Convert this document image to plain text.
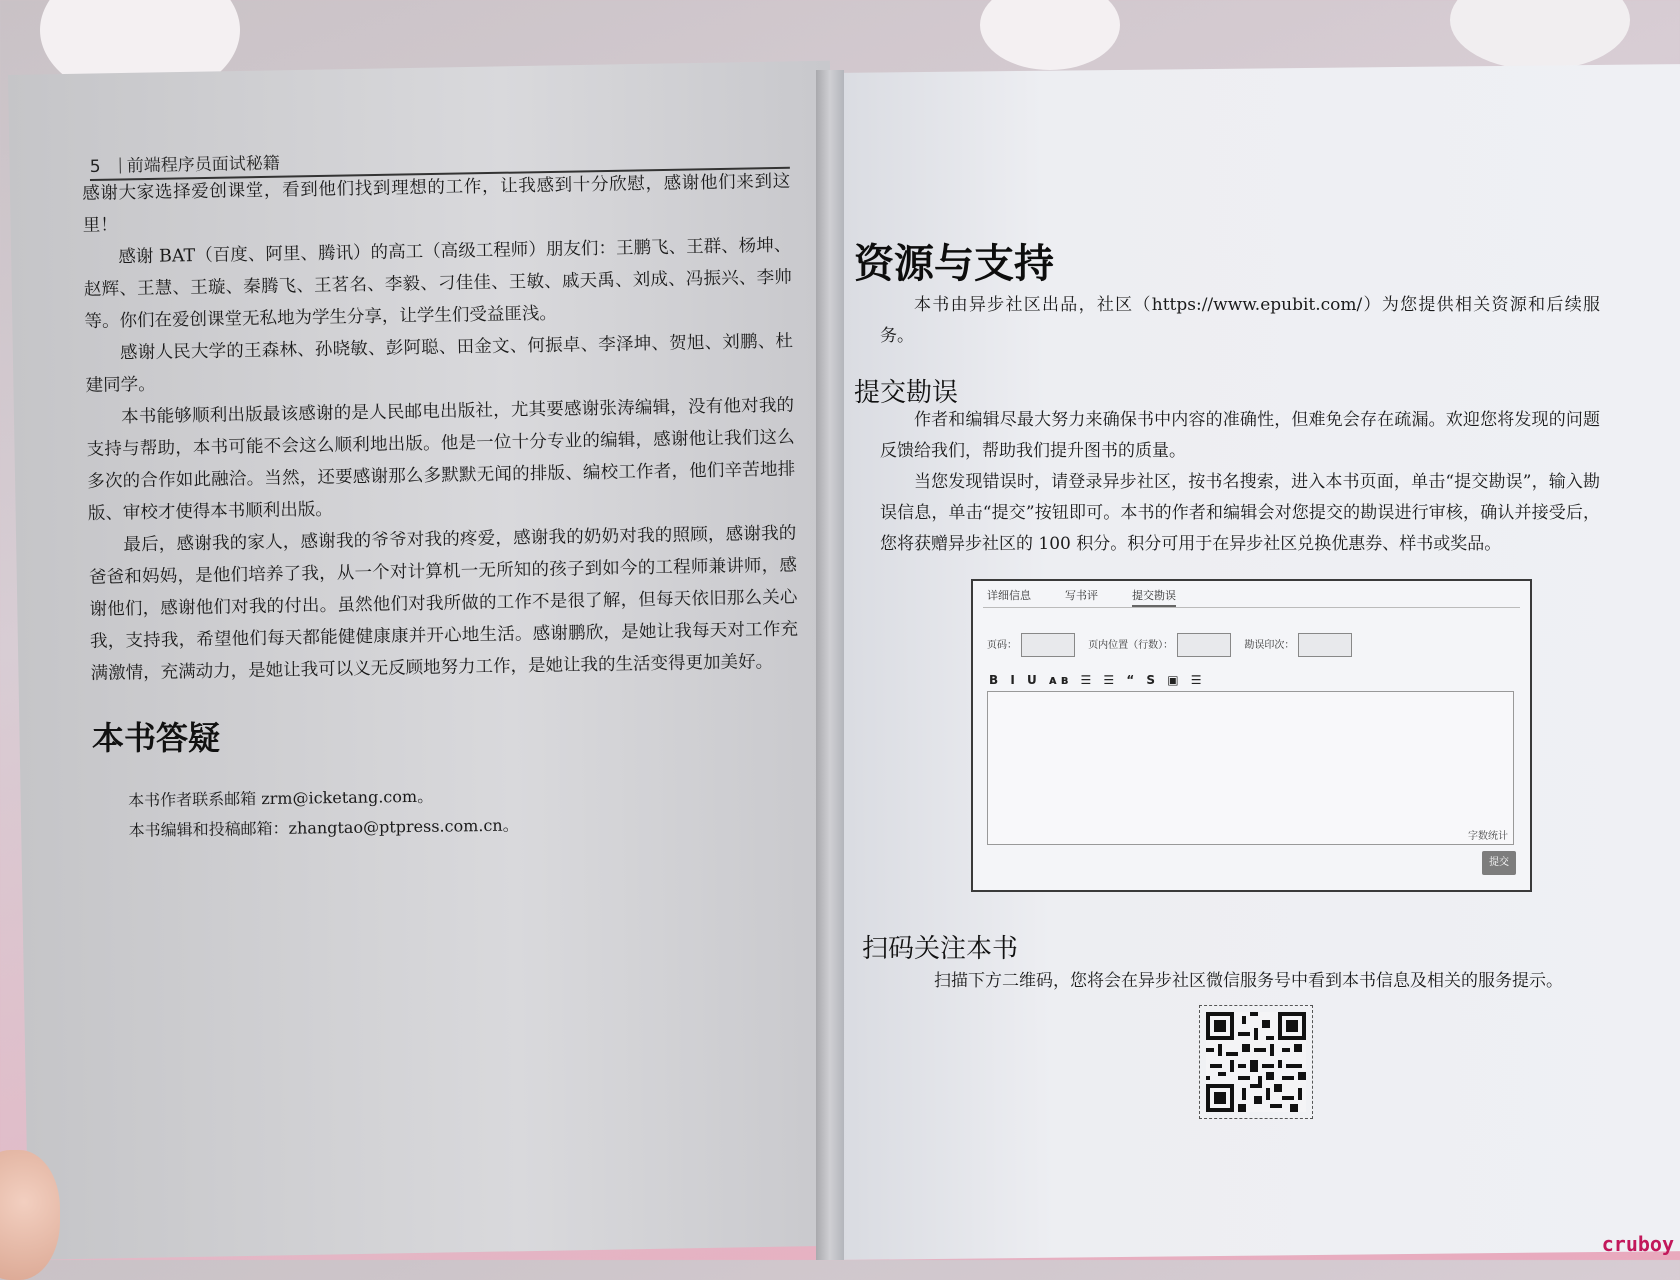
5 前端程序员面试秘籍

感谢大家选择爱创课堂，看到他们找到理想的工作，让我感到十分欣慰，感谢他们来到这里！

感谢 BAT（百度、阿里、腾讯）的高工（高级工程师）朋友们：王鹏飞、王群、杨坤、赵辉、王慧、王璇、秦腾飞、王茗名、李毅、刁佳佳、王敏、戚天禹、刘成、冯振兴、李帅等。你们在爱创课堂无私地为学生分享，让学生们受益匪浅。

感谢人民大学的王森林、孙晓敏、彭阿聪、田金文、何振卓、李泽坤、贺旭、刘鹏、杜建同学。

本书能够顺利出版最该感谢的是人民邮电出版社，尤其要感谢张涛编辑，没有他对我的支持与帮助，本书可能不会这么顺利地出版。他是一位十分专业的编辑，感谢他让我们这么多次的合作如此融洽。当然，还要感谢那么多默默无闻的排版、编校工作者，他们辛苦地排版、审校才使得本书顺利出版。

最后，感谢我的家人，感谢我的爷爷对我的疼爱，感谢我的奶奶对我的照顾，感谢我的爸爸和妈妈，是他们培养了我，从一个对计算机一无所知的孩子到如今的工程师兼讲师，感谢他们，感谢他们对我的付出。虽然他们对我所做的工作不是很了解，但每天依旧那么关心我，支持我，希望他们每天都能健健康康并开心地生活。感谢鹏欣，是她让我每天对工作充满激情，充满动力，是她让我可以义无反顾地努力工作，是她让我的生活变得更加美好。

本书答疑
本书作者联系邮箱 zrm@icketang.com。
本书编辑和投稿邮箱：zhangtao@ptpress.com.cn。
资源与支持

本书由异步社区出品，社区（https://www.epubit.com/）为您提供相关资源和后续服务。

提交勘误

作者和编辑尽最大努力来确保书中内容的准确性，但难免会存在疏漏。欢迎您将发现的问题反馈给我们，帮助我们提升图书的质量。

当您发现错误时，请登录异步社区，按书名搜索，进入本书页面，单击“提交勘误”，输入勘误信息，单击“提交”按钮即可。本书的作者和编辑会对您提交的勘误进行审核，确认并接受后，您将获赠异步社区的 100 积分。积分可用于在异步社区兑换优惠券、样书或奖品。

详细信息	写书评	提交勘误
页码：	页内位置（行数）：	勘误印次：
B I U ᴀʙ ☰ ☰ “ S ▣ ☰
字数统计
提交
扫码关注本书

扫描下方二维码，您将会在异步社区微信服务号中看到本书信息及相关的服务提示。

cruboy
